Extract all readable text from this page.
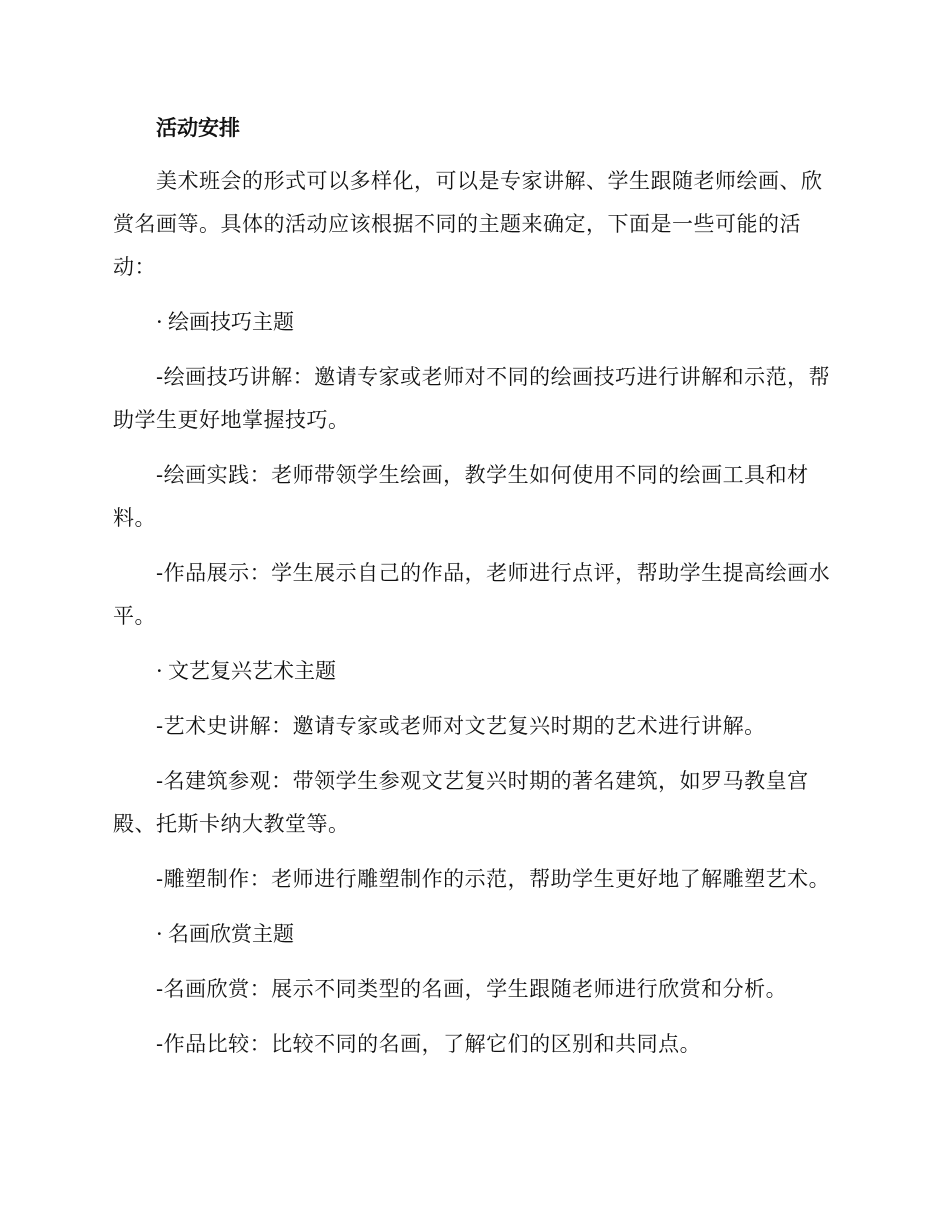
活动安排

美术班会的形式可以多样化，可以是专家讲解、学生跟随老师绘画、欣赏名画等。具体的活动应该根据不同的主题来确定，下面是一些可能的活动：

· 绘画技巧主题

-绘画技巧讲解：邀请专家或老师对不同的绘画技巧进行讲解和示范，帮助学生更好地掌握技巧。

-绘画实践：老师带领学生绘画，教学生如何使用不同的绘画工具和材料。

-作品展示：学生展示自己的作品，老师进行点评，帮助学生提高绘画水平。

· 文艺复兴艺术主题

-艺术史讲解：邀请专家或老师对文艺复兴时期的艺术进行讲解。

-名建筑参观：带领学生参观文艺复兴时期的著名建筑，如罗马教皇宫殿、托斯卡纳大教堂等。

-雕塑制作：老师进行雕塑制作的示范，帮助学生更好地了解雕塑艺术。

· 名画欣赏主题

-名画欣赏：展示不同类型的名画，学生跟随老师进行欣赏和分析。

-作品比较：比较不同的名画，了解它们的区别和共同点。
